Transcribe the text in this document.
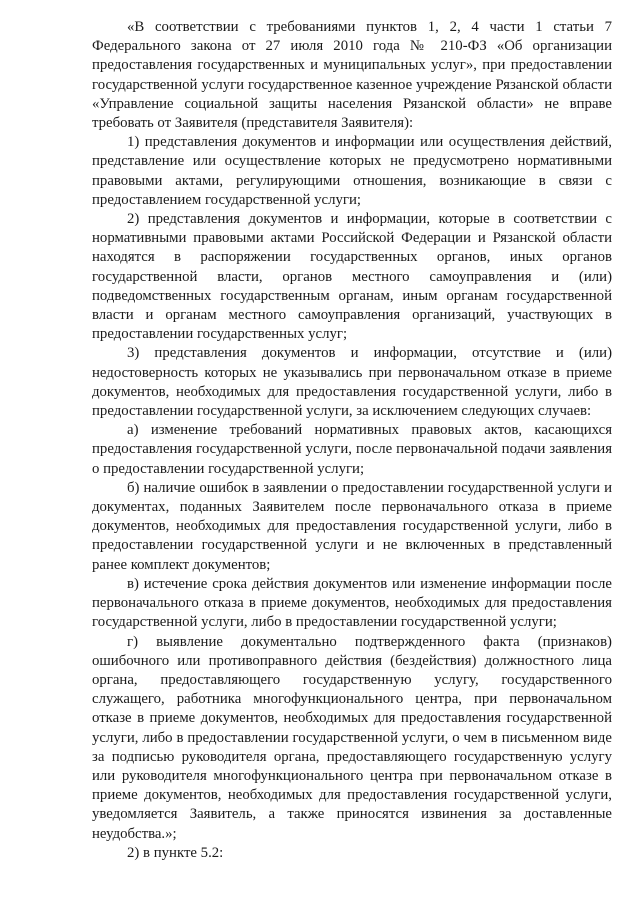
«В соответствии с требованиями пунктов 1, 2, 4 части 1 статьи 7 Федерального закона от 27 июля 2010 года № 210-ФЗ «Об организации предоставления государственных и муниципальных услуг», при предоставлении государственной услуги государственное казенное учреждение Рязанской области «Управление социальной защиты населения Рязанской области» не вправе требовать от Заявителя (представителя Заявителя):

1) представления документов и информации или осуществления действий, представление или осуществление которых не предусмотрено нормативными правовыми актами, регулирующими отношения, возникающие в связи с предоставлением государственной услуги;

2) представления документов и информации, которые в соответствии с нормативными правовыми актами Российской Федерации и Рязанской области находятся в распоряжении государственных органов, иных органов государственной власти, органов местного самоуправления и (или) подведомственных государственным органам, иным органам государственной власти и органам местного самоуправления организаций, участвующих в предоставлении государственных услуг;

3) представления документов и информации, отсутствие и (или) недостоверность которых не указывались при первоначальном отказе в приеме документов, необходимых для предоставления государственной услуги, либо в предоставлении государственной услуги, за исключением следующих случаев:

а) изменение требований нормативных правовых актов, касающихся предоставления государственной услуги, после первоначальной подачи заявления о предоставлении государственной услуги;

б) наличие ошибок в заявлении о предоставлении государственной услуги и документах, поданных Заявителем после первоначального отказа в приеме документов, необходимых для предоставления государственной услуги, либо в предоставлении государственной услуги и не включенных в представленный ранее комплект документов;

в) истечение срока действия документов или изменение информации после первоначального отказа в приеме документов, необходимых для предоставления государственной услуги, либо в предоставлении государственной услуги;

г) выявление документально подтвержденного факта (признаков) ошибочного или противоправного действия (бездействия) должностного лица органа, предоставляющего государственную услугу, государственного служащего, работника многофункционального центра, при первоначальном отказе в приеме документов, необходимых для предоставления государственной услуги, либо в предоставлении государственной услуги, о чем в письменном виде за подписью руководителя органа, предоставляющего государственную услугу или руководителя многофункционального центра при первоначальном отказе в приеме документов, необходимых для предоставления государственной услуги, уведомляется Заявитель, а также приносятся извинения за доставленные неудобства.»;

2) в пункте 5.2:
